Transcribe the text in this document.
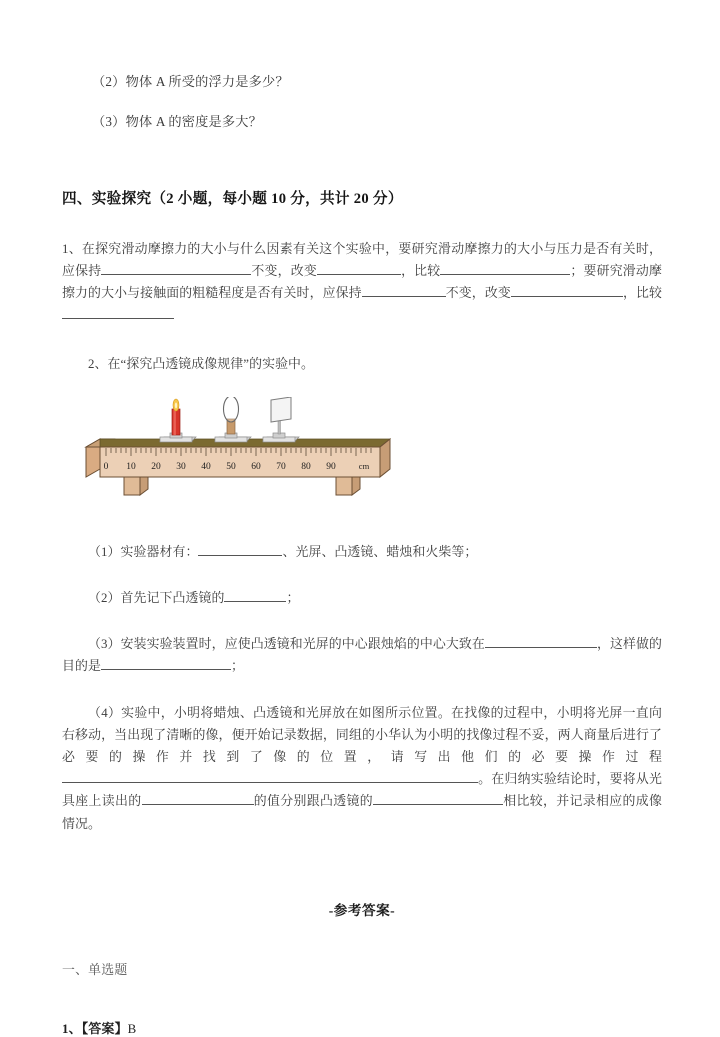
（2）物体 A 所受的浮力是多少？

（3）物体 A 的密度是多大？

四、实验探究（2 小题，每小题 10 分，共计 20 分）

1、在探究滑动摩擦力的大小与什么因素有关这个实验中，要研究滑动摩擦力的大小与压力是否有关时，应保持	不变，改变	，比较	；要研究滑动摩擦力的大小与接触面的粗糙程度是否有关时，应保持	不变，改变	，比较

2、在“探究凸透镜成像规律”的实验中。

0 10 20 30 40 50 60 70 80 90	cm

（1）实验器材有：	、光屏、凸透镜、蜡烛和火柴等；

（2）首先记下凸透镜的	；

（3）安装实验装置时，应使凸透镜和光屏的中心跟烛焰的中心大致在	，这样做的目的是	；

（4）实验中，小明将蜡烛、凸透镜和光屏放在如图所示位置。在找像的过程中，小明将光屏一直向右移动，当出现了清晰的像，便开始记录数据，同组的小华认为小明的找像过程不妥，两人商量后进行了必要的操作并找到了像的位置，请写出他们的必要操作过程。在归纳实验结论时，要将从光具座上读出的	的值分别跟凸透镜的	相比较，并记录相应的成像情况。

-参考答案-

一、单选题

1、【答案】B
